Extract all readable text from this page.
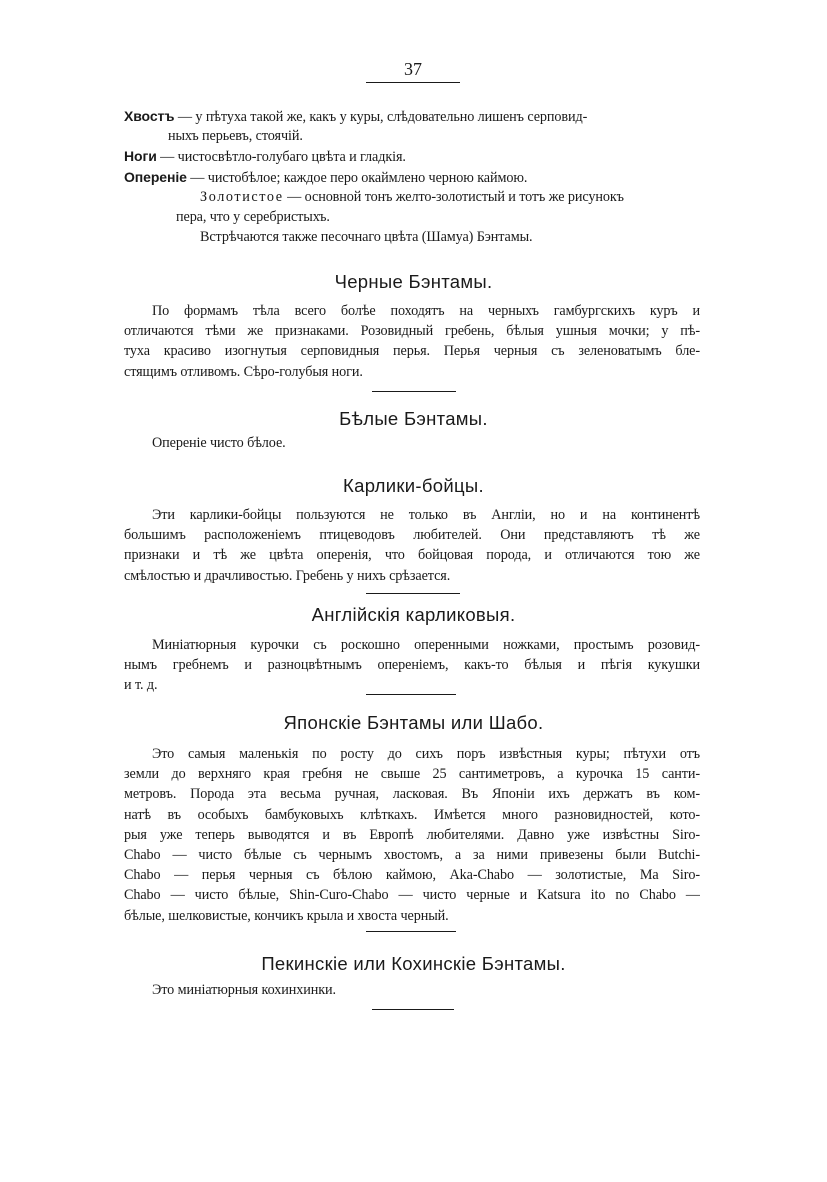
37
Хвостъ — у пѣтуха такой же, какъ у куры, слѣдовательно лишенъ серповид-
ныхъ перьевъ, стоячій.
Ноги — чистосвѣтло-голубаго цвѣта и гладкія.
Опереніе — чистобѣлое; каждое перо окаймлено черною каймою.
Золотистое — основной тонъ желто-золотистый и тотъ же рисунокъ
пера, что у серебристыхъ.
Встрѣчаются также песочнаго цвѣта (Шамуа) Бэнтамы.
Черные Бэнтамы.
По формамъ тѣла всего болѣе походятъ на черныхъ гамбургскихъ куръ и
отличаются тѣми же признаками. Розовидный гребень, бѣлыя ушныя мочки; у пѣ-
туха красиво изогнутыя серповидныя перья. Перья черныя съ зеленоватымъ бле-
стящимъ отливомъ. Сѣро-голубыя ноги.
Бѣлые Бэнтамы.
Опереніе чисто бѣлое.
Карлики-бойцы.
Эти карлики-бойцы пользуются не только въ Англіи, но и на континентѣ
большимъ расположеніемъ птицеводовъ любителей. Они представляютъ тѣ же
признаки и тѣ же цвѣта оперенія, что бойцовая порода, и отличаются тою же
смѣлостью и драчливостью. Гребень у нихъ срѣзается.
Англійскія карликовыя.
Миніатюрныя курочки съ роскошно оперенными ножками, простымъ розовид-
нымъ гребнемъ и разноцвѣтнымъ опереніемъ, какъ-то бѣлыя и пѣгія кукушки
и т. д.
Японскіе Бэнтамы или Шабо.
Это самыя маленькія по росту до сихъ поръ извѣстныя куры; пѣтухи отъ
земли до верхняго края гребня не свыше 25 сантиметровъ, а курочка 15 санти-
метровъ. Порода эта весьма ручная, ласковая. Въ Японіи ихъ держатъ въ ком-
натѣ въ особыхъ бамбуковыхъ клѣткахъ. Имѣется много разновидностей, кото-
рыя уже теперь выводятся и въ Европѣ любителями. Давно уже извѣстны Siro-
Chabo — чисто бѣлые съ чернымъ хвостомъ, а за ними привезены были Butchi-
Chabo — перья черныя съ бѣлою каймою, Aka-Chabo — золотистые, Ma Siro-
Chabo — чисто бѣлые, Shin-Curo-Chabo — чисто черные и Katsura ito no Chabo —
бѣлые, шелковистые, кончикъ крыла и хвоста черный.
Пекинскіе или Кохинскіе Бэнтамы.
Это миніатюрныя кохинхинки.
